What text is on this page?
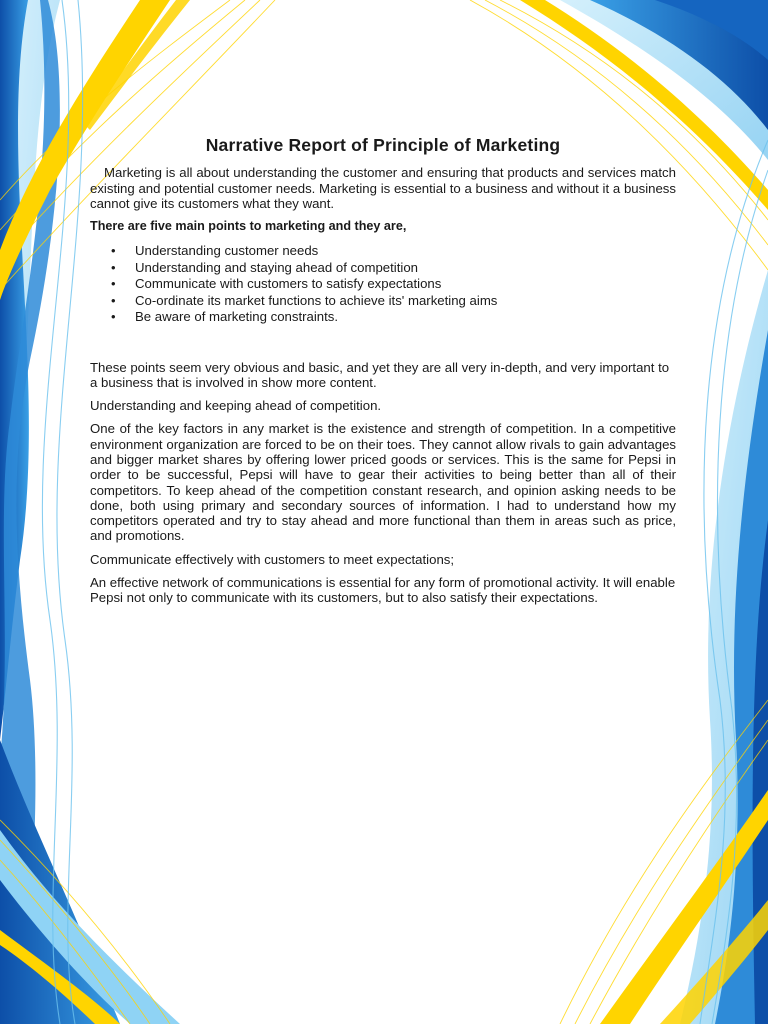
Narrative Report of Principle of Marketing

Marketing is all about understanding the customer and ensuring that products and services match existing and potential customer needs. Marketing is essential to a business and without it a business cannot give its customers what they want.

There are five main points to marketing and they are,

• Understanding customer needs
• Understanding and staying ahead of competition
• Communicate with customers to satisfy expectations
• Co-ordinate its market functions to achieve its' marketing aims
• Be aware of marketing constraints.

These points seem very obvious and basic, and yet they are all very in-depth, and very important to a business that is involved in show more content.

Understanding and keeping ahead of competition.

One of the key factors in any market is the existence and strength of competition. In a competitive environment organization are forced to be on their toes. They cannot allow rivals to gain advantages and bigger market shares by offering lower priced goods or services. This is the same for Pepsi in order to be successful, Pepsi will have to gear their activities to being better than all of their competitors. To keep ahead of the competition constant research, and opinion asking needs to be done, both using primary and secondary sources of information. I had to understand how my competitors operated and try to stay ahead and more functional than them in areas such as price, and promotions.

Communicate effectively with customers to meet expectations;

An effective network of communications is essential for any form of promotional activity. It will enable Pepsi not only to communicate with its customers, but to also satisfy their expectations.
